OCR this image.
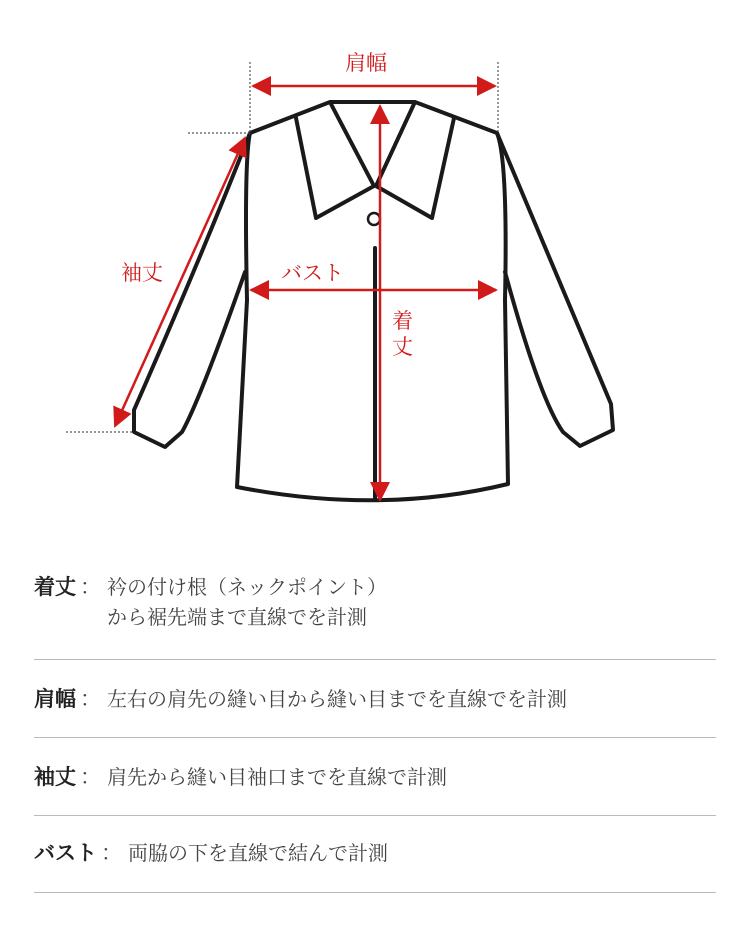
肩幅
バスト
袖丈
着
丈
着丈 ： 衿の付け根（ネックポイント）
から裾先端まで直線でを計測
肩幅 ： 左右の肩先の縫い目から縫い目までを直線でを計測
袖丈 ： 肩先から縫い目袖口までを直線で計測
バスト ： 両脇の下を直線で結んで計測
